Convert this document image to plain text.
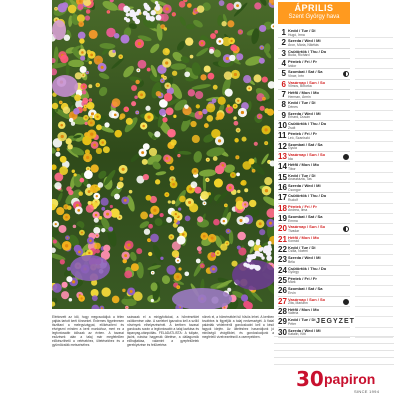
ÁPRILIS
Szent György hava
1 Kedd / Tue / Di
Hugó, Irma
2 Szerda / Wed / Mi
Áron, Mária, Nikétás
3 Csütörtök / Thu / Do
Buda, Richárd
4 Péntek / Fri / Fr
Izidor
5 Szombat / Sat / Sa
Vince, Irén
6 Vasárnap / Sun / So
Vilmos, Bíborka
7 Hétfő / Mon / Mo
Herman, Ármin
8 Kedd / Tue / Di
Dénes
9 Szerda / Wed / Mi
Erhard, Dusán
10 Csütörtök / Thu / Do
Zsolt
11 Péntek / Fri / Fr
Leó, Szaniszló
12 Szombat / Sat / Sa
Gyula
13 Vasárnap / Sun / So
Ida
14 Hétfő / Mon / Mo
Tibor
15 Kedd / Tue / Di
Anasztázia, Tas
16 Szerda / Wed / Mi
Csongor
17 Csütörtök / Thu / Do
Rudolf
18 Péntek / Fri / Fr
Andrea, Ilma
19 Szombat / Sat / Sa
Emma
20 Vasárnap / Sun / So
Tivadar
21 Hétfő / Mon / Mo
Konrád
22 Kedd / Tue / Di
Csilla, Noémi
23 Szerda / Wed / Mi
Béla
24 Csütörtök / Thu / Do
György
25 Péntek / Fri / Fr
Márk
26 Szombat / Sat / Sa
Ervin
27 Vasárnap / Sun / So
Zita, Mariann
28 Hétfő / Mon / Mo
Valéria
29 Kedd / Tue / Di
Péter
30 Szerda / Wed / Mi
Katalin, Kitti
JEGYZET

Elérkezett az idő, hogy megcsodáljuk a télen pajtás tartott kerti törzseket. Érdemes figyelmesen tisztítani a melegvízágyat, előkészíteni és elvégezni minden a kerti munkához, mert ez a legfontosabb időszak az évben. A tavaszi esőzések után a talaj már megfelelően előkészíthető a vetésekhez, ültetésekhez és a gyümölcsfák metszéséhez.

szárazak el a mirigyfoltokat, a hőmérséklet csökkenése után. A szeleket igazodva kell a szőlő növények elhelyezésénél. A kertben tavaszi gondozás során a legfontosabb a talaj lazítása és tápanyag-utánpótlás. FELADATLISTA: A tulipán, jácint, nárcisz hagymák ültetése, a dáliagumók előhajtatása, valamint a gyepfelületek gereblyézése és felülvetése.

nőnek el, a hőmérséklet túl hűvös lehet. A kertben továbbra is figyeljük a talaj nedvességét. A fiatal palánták védelméről gondoskodni kell a késő fagyok idején. Az ültetéshez használjunk jó minőségű virágföldet, és gondoskodjunk a megfelelő vízelvezetésről a cserepekben.

30 papiron
SINCE 1994
